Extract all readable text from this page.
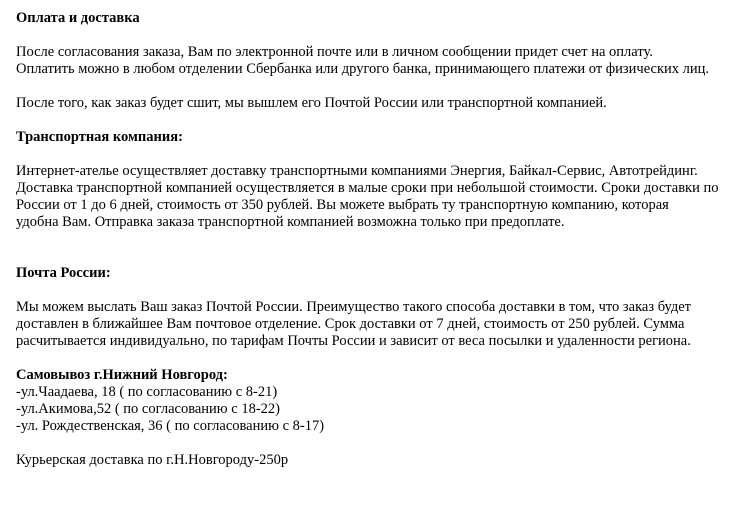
Оплата и доставка
После согласования заказа, Вам по электронной почте или в личном сообщении придет счет на оплату.
Оплатить можно в любом отделении Сбербанка или другого банка, принимающего платежи от физических лиц.
После того, как заказ будет сшит, мы вышлем его Почтой России или транспортной компанией.
Транспортная компания:
Интернет-ателье осуществляет доставку транспортными компаниями Энергия, Байкал-Сервис, Автотрейдинг.
Доставка транспортной компанией осуществляется в малые сроки при небольшой стоимости. Сроки доставки по
России от 1 до 6 дней, стоимость от 350 рублей. Вы можете выбрать ту транспортную компанию, которая
удобна Вам. Отправка заказа транспортной компанией возможна только при предоплате.
Почта России:
Мы можем выслать Ваш заказ Почтой России. Преимущество такого способа доставки в том, что заказ будет
доставлен в ближайшее Вам почтовое отделение. Срок доставки от 7 дней, стоимость от 250 рублей. Сумма
расчитывается индивидуально, по тарифам Почты России и зависит от веса посылки и удаленности региона.
Самовывоз г.Нижний Новгород:
-ул.Чаадаева, 18 ( по согласованию с 8-21)
-ул.Акимова,52 ( по согласованию с 18-22)
-ул. Рождественская, 36 ( по согласованию с 8-17)
Курьерская доставка по г.Н.Новгороду-250р
